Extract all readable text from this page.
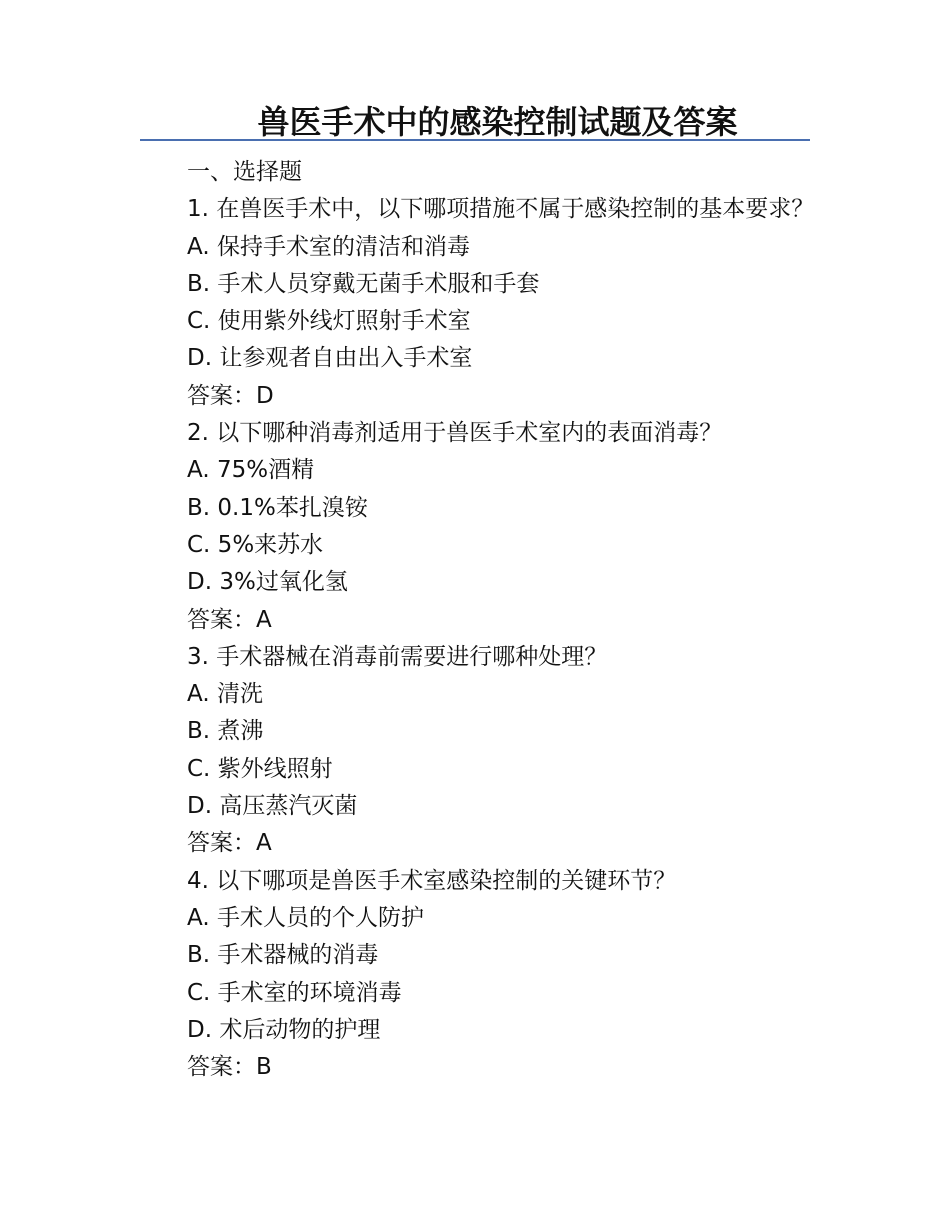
兽医手术中的感染控制试题及答案
一、选择题
1. 在兽医手术中，以下哪项措施不属于感染控制的基本要求？
A. 保持手术室的清洁和消毒
B. 手术人员穿戴无菌手术服和手套
C. 使用紫外线灯照射手术室
D. 让参观者自由出入手术室
答案：D
2. 以下哪种消毒剂适用于兽医手术室内的表面消毒？
A. 75%酒精
B. 0.1%苯扎溴铵
C. 5%来苏水
D. 3%过氧化氢
答案：A
3. 手术器械在消毒前需要进行哪种处理？
A. 清洗
B. 煮沸
C. 紫外线照射
D. 高压蒸汽灭菌
答案：A
4. 以下哪项是兽医手术室感染控制的关键环节？
A. 手术人员的个人防护
B. 手术器械的消毒
C. 手术室的环境消毒
D. 术后动物的护理
答案：B
